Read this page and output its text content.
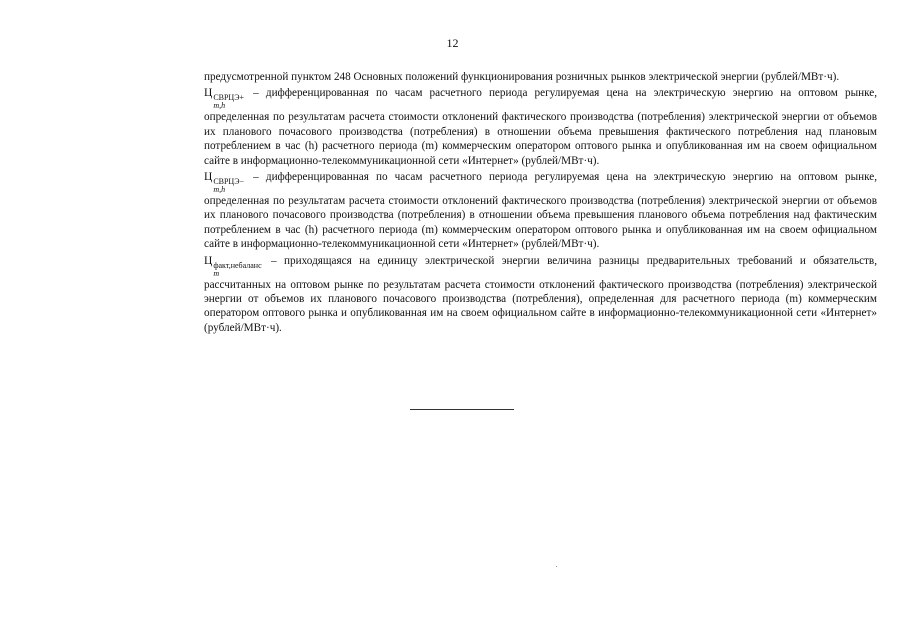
12

предусмотренной пунктом 248 Основных положений функционирования розничных рынков электрической энергии (рублей/МВт·ч).

Ц СВРЦЭ+
m,h
– дифференцированная по часам расчетного периода регулируемая цена на электрическую энергию на оптовом рынке, определенная по результатам расчета стоимости отклонений фактического производства (потребления) электрической энергии от объемов их планового почасового производства (потребления) в отношении объема превышения фактического потребления над плановым потреблением в час (h) расчетного периода (m) коммерческим оператором оптового рынка и опубликованная им на своем официальном сайте в информационно-телекоммуникационной сети «Интернет» (рублей/МВт·ч).

Ц СВРЦЭ−
m,h
– дифференцированная по часам расчетного периода регулируемая цена на электрическую энергию на оптовом рынке, определенная по результатам расчета стоимости отклонений фактического производства (потребления) электрической энергии от объемов их планового почасового производства (потребления) в отношении объема превышения планового объема потребления над фактическим потреблением в час (h) расчетного периода (m) коммерческим оператором оптового рынка и опубликованная им на своем официальном сайте в информационно-телекоммуникационной сети «Интернет» (рублей/МВт·ч).

Ц факт,небаланс
m
– приходящаяся на единицу электрической энергии величина разницы предварительных требований и обязательств, рассчитанных на оптовом рынке по результатам расчета стоимости отклонений фактического производства (потребления) электрической энергии от объемов их планового почасового производства (потребления), определенная для расчетного периода (m) коммерческим оператором оптового рынка и опубликованная им на своем официальном сайте в информационно-телекоммуникационной сети «Интернет» (рублей/МВт·ч).
